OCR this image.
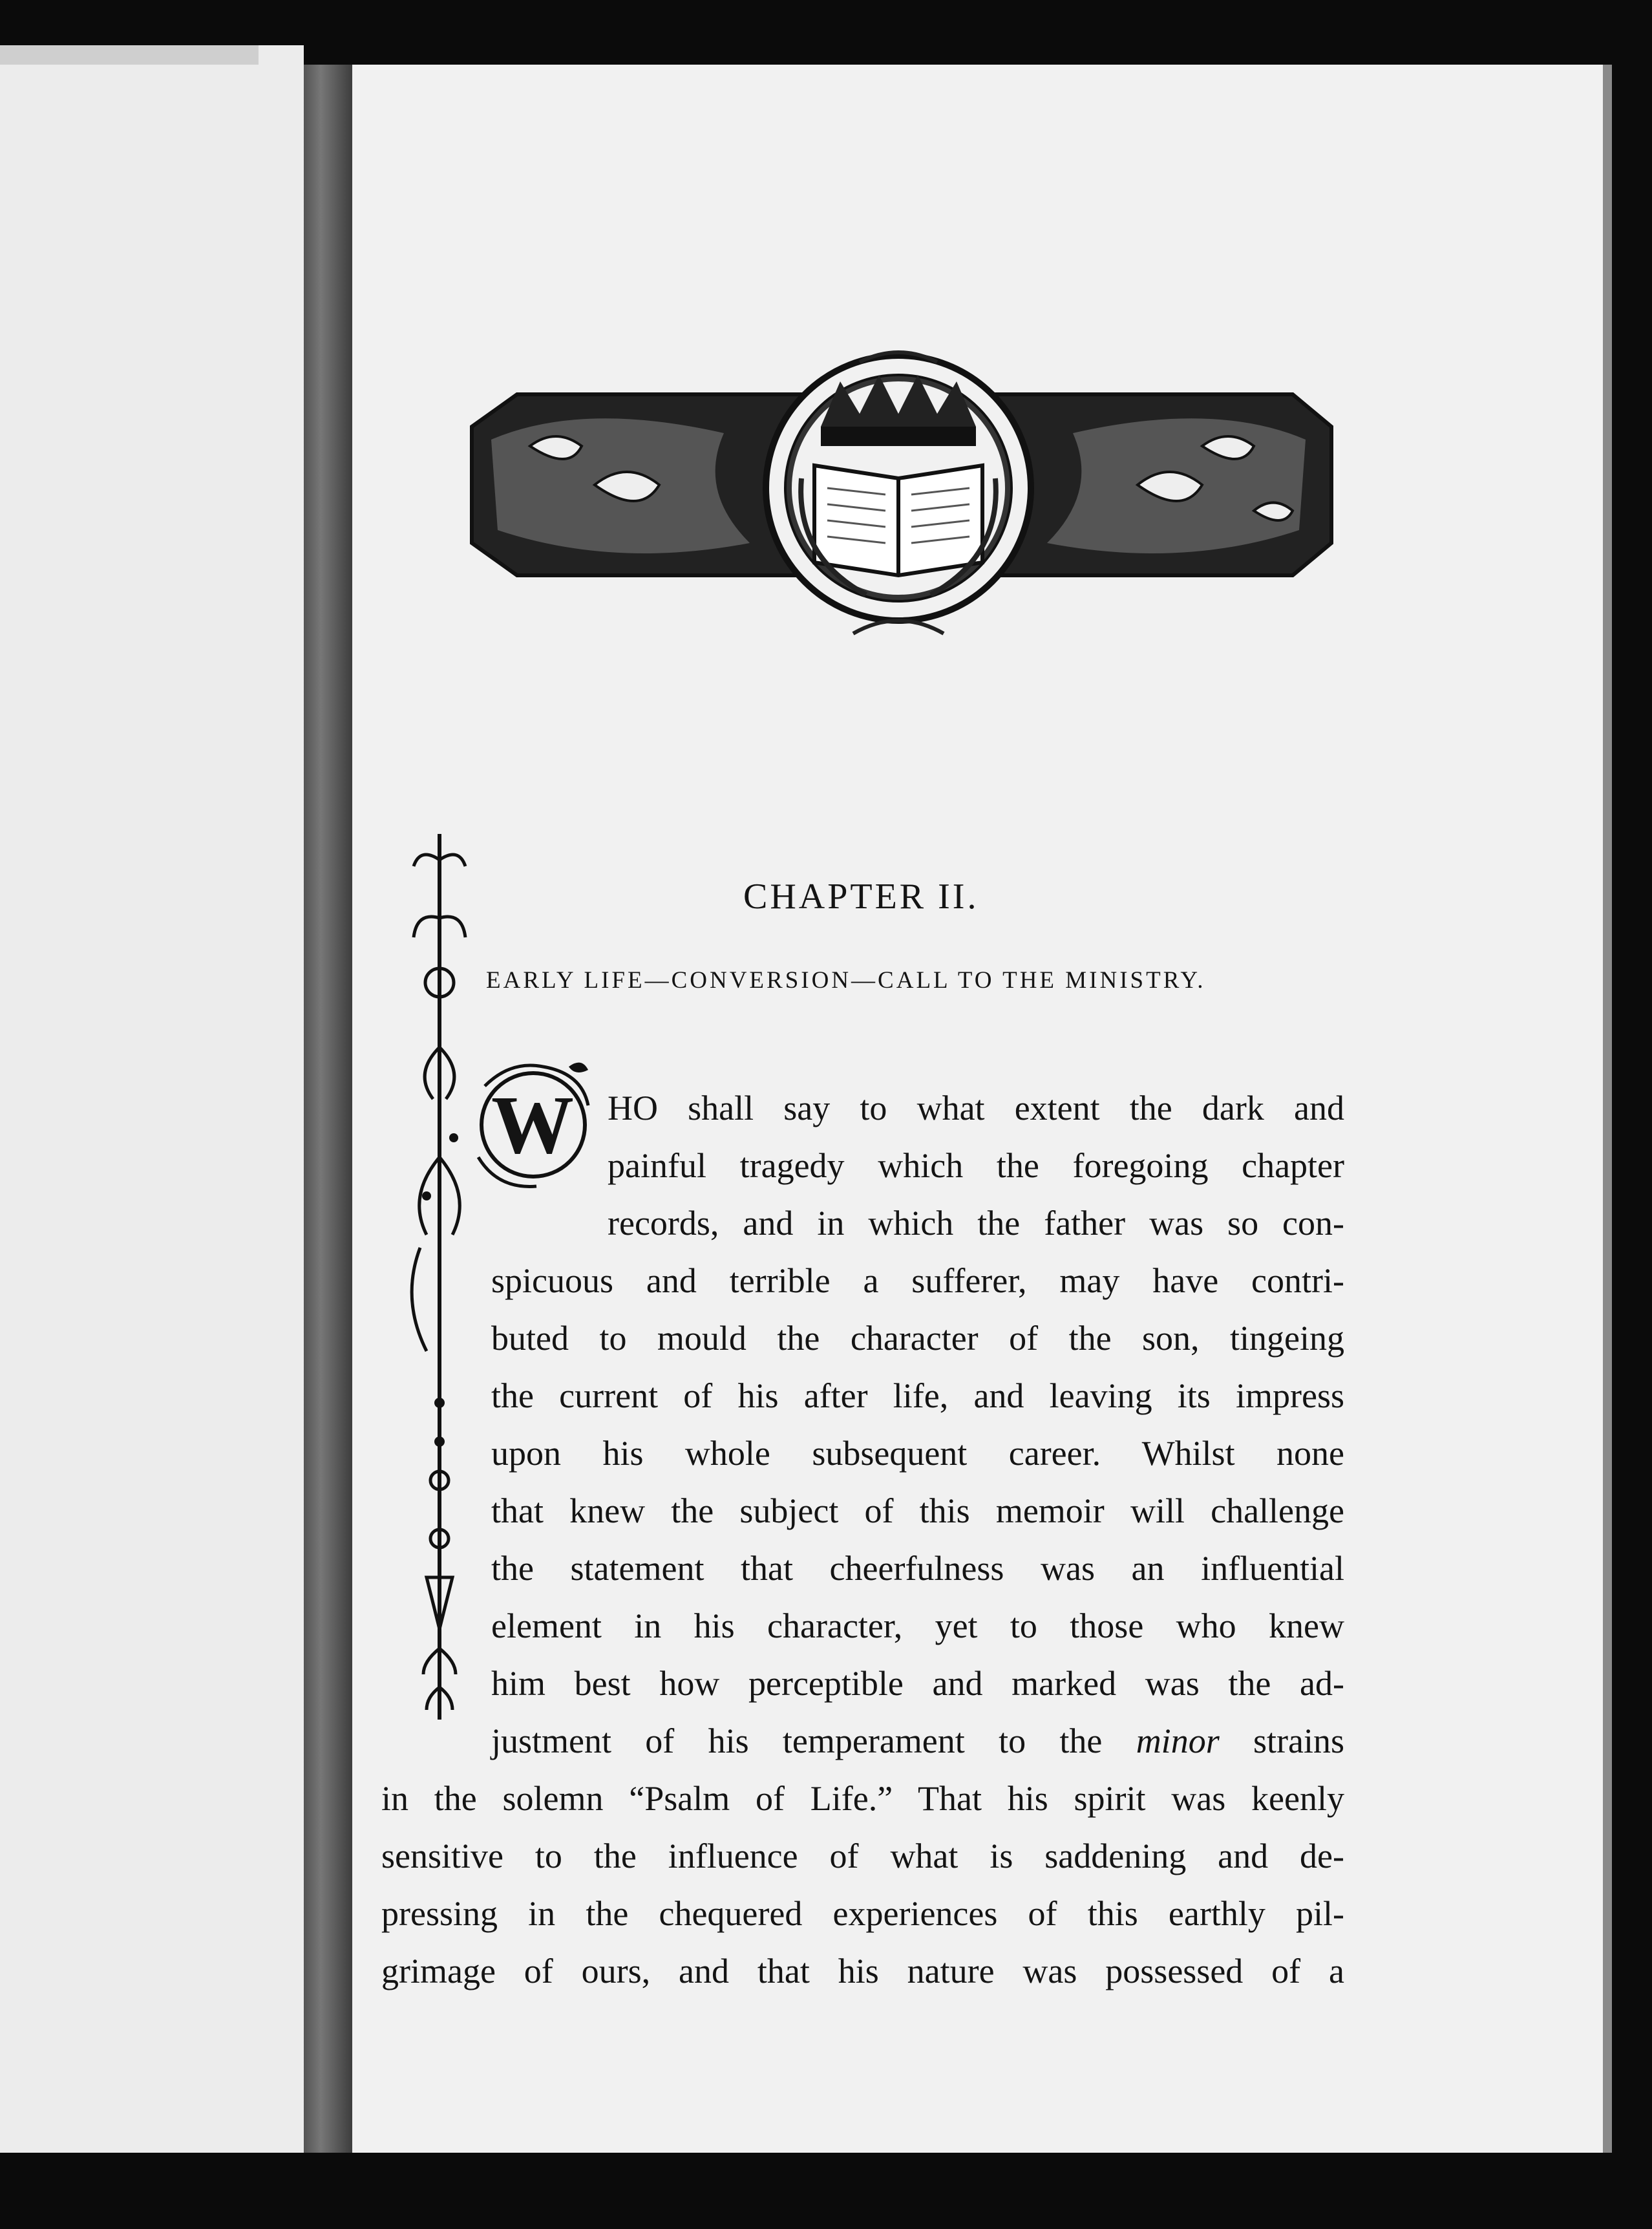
W
CHAPTER II.
EARLY LIFE—CONVERSION—CALL TO THE MINISTRY.
HO shall say to what extent the dark and
painful tragedy which the foregoing chapter
records, and in which the father was so con-
spicuous and terrible a sufferer, may have contri-
buted to mould the character of the son, tingeing
the current of his after life, and leaving its impress
upon his whole subsequent career. Whilst none
that knew the subject of this memoir will challenge
the statement that cheerfulness was an influential
element in his character, yet to those who knew
him best how perceptible and marked was the ad-
justment of his temperament to the minor strains
in the solemn “Psalm of Life.” That his spirit was keenly
sensitive to the influence of what is saddening and de-
pressing in the chequered experiences of this earthly pil-
grimage of ours, and that his nature was possessed of a
